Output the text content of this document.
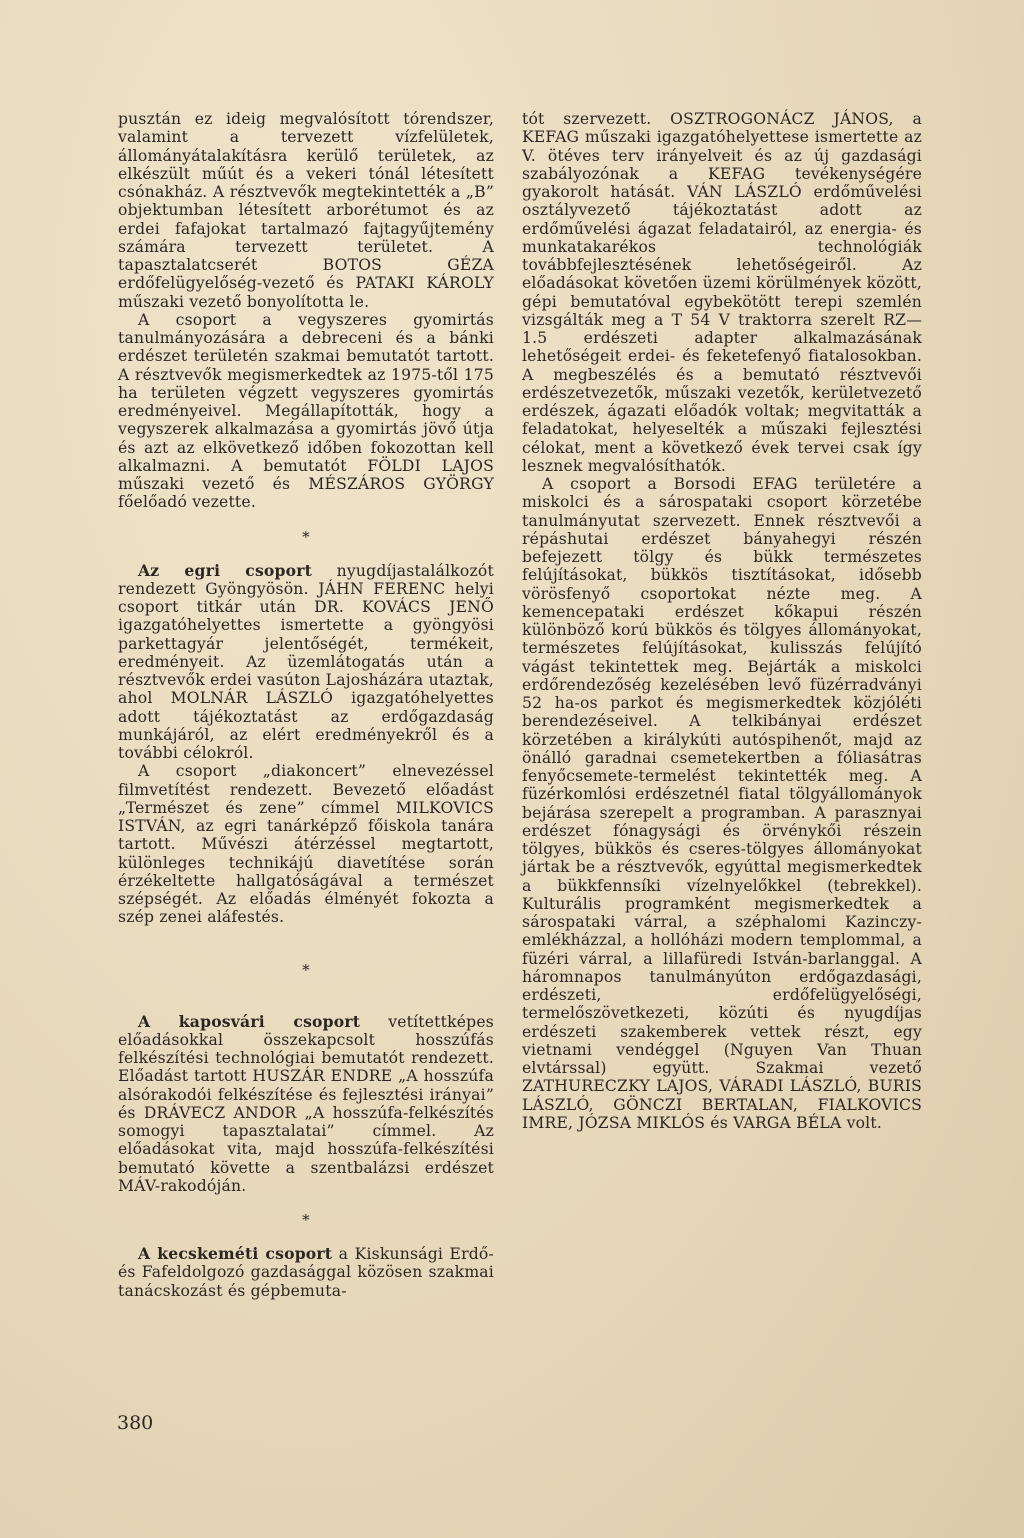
pusztán ez ideig megvalósított tórendszer, valamint a tervezett vízfelületek, állományátalakításra kerülő területek, az elkészült műút és a vekeri tónál létesített csónakház. A résztvevők megtekintették a „B” objektumban létesített arborétumot és az erdei fafajokat tartalmazó fajtagyűjtemény számára tervezett területet. A tapasztalatcserét BOTOS GÉZA erdőfelügyelőség-vezető és PATAKI KÁROLY műszaki vezető bonyolította le.

A csoport a vegyszeres gyomirtás tanulmányozására a debreceni és a bánki erdészet területén szakmai bemutatót tartott. A résztvevők megismerkedtek az 1975-től 175 ha területen végzett vegyszeres gyomirtás eredményeivel. Megállapították, hogy a vegyszerek alkalmazása a gyomirtás jövő útja és azt az elkövetkező időben fokozottan kell alkalmazni. A bemutatót FÖLDI LAJOS műszaki vezető és MÉSZÁROS GYÖRGY főelőadó vezette.

*

Az egri csoport nyugdíjastalálkozót rendezett Gyöngyösön. JÁHN FERENC helyi csoport titkár után DR. KOVÁCS JENŐ igazgatóhelyettes ismertette a gyöngyösi parkettagyár jelentőségét, termékeit, eredményeit. Az üzemlátogatás után a résztvevők erdei vasúton Lajosházára utaztak, ahol MOLNÁR LÁSZLÓ igazgatóhelyettes adott tájékoztatást az erdőgazdaság munkájáról, az elért eredményekről és a további célokról.

A csoport „diakoncert” elnevezéssel filmvetítést rendezett. Bevezető előadást „Természet és zene” címmel MILKOVICS ISTVÁN, az egri tanárképző főiskola tanára tartott. Művészi átérzéssel megtartott, különleges technikájú diavetítése során érzékeltette hallgatóságával a természet szépségét. Az előadás élményét fokozta a szép zenei aláfestés.

*

A kaposvári csoport vetítettképes előadásokkal összekapcsolt hosszúfás felkészítési technológiai bemutatót rendezett. Előadást tartott HUSZÁR ENDRE „A hosszúfa alsórakodói felkészítése és fejlesztési irányai” és DRÁVECZ ANDOR „A hosszúfa-felkészítés somogyi tapasztalatai” címmel. Az előadásokat vita, majd hosszúfa-felkészítési bemutató követte a szentbalázsi erdészet MÁV-rakodóján.

*

A kecskeméti csoport a Kiskunsági Erdő- és Fafeldolgozó gazdasággal közösen szakmai tanácskozást és gépbemuta-

tót szervezett. OSZTROGONÁCZ JÁNOS, a KEFAG műszaki igazgatóhelyettese ismertette az V. ötéves terv irányelveit és az új gazdasági szabályozónak a KEFAG tevékenységére gyakorolt hatását. VÁN LÁSZLÓ erdőművelési osztályvezető tájékoztatást adott az erdőművelési ágazat feladatairól, az energia- és munkatakarékos technológiák továbbfejlesztésének lehetőségeiről. Az előadásokat követően üzemi körülmények között, gépi bemutatóval egybekötött terepi szemlén vizsgálták meg a T 54 V traktorra szerelt RZ—1.5 erdészeti adapter alkalmazásának lehetőségeit erdei- és feketefenyő fiatalosokban. A megbeszélés és a bemutató résztvevői erdészetvezetők, műszaki vezetők, kerületvezető erdészek, ágazati előadók voltak; megvitatták a feladatokat, helyeselték a műszaki fejlesztési célokat, ment a következő évek tervei csak így lesznek megvalósíthatók.

A csoport a Borsodi EFAG területére a miskolci és a sárospataki csoport körzetébe tanulmányutat szervezett. Ennek résztvevői a répáshutai erdészet bányahegyi részén befejezett tölgy és bükk természetes felújításokat, bükkös tisztításokat, idősebb vörösfenyő csoportokat nézte meg. A kemencepataki erdészet kőkapui részén különböző korú bükkös és tölgyes állományokat, természetes felújításokat, kulisszás felújító vágást tekintettek meg. Bejárták a miskolci erdőrendezőség kezelésében levő füzérradványi 52 ha-os parkot és megismerkedtek közjóléti berendezéseivel. A telkibányai erdészet körzetében a királykúti autóspihenőt, majd az önálló garadnai csemetekertben a fóliasátras fenyőcsemete-termelést tekintették meg. A füzérkomlósi erdészetnél fiatal tölgyállományok bejárása szerepelt a programban. A parasznyai erdészet fónagysági és örvénykői részein tölgyes, bükkös és cseres-tölgyes állományokat jártak be a résztvevők, egyúttal megismerkedtek a bükkfennsíki vízelnyelőkkel (tebrekkel). Kulturális programként megismerkedtek a sárospataki várral, a széphalomi Kazinczy-emlékházzal, a hollóházi modern templommal, a füzéri várral, a lillafüredi István-barlanggal. A háromnapos tanulmányúton erdőgazdasági, erdészeti, erdőfelügyelőségi, termelőszövetkezeti, közúti és nyugdíjas erdészeti szakemberek vettek részt, egy vietnami vendéggel (Nguyen Van Thuan elvtárssal) együtt. Szakmai vezető ZATHURECZKY LAJOS, VÁRADI LÁSZLÓ, BURIS LÁSZLÓ, GÖNCZI BERTALAN, FIALKOVICS IMRE, JÓZSA MIKLÓS és VARGA BÉLA volt.

380
